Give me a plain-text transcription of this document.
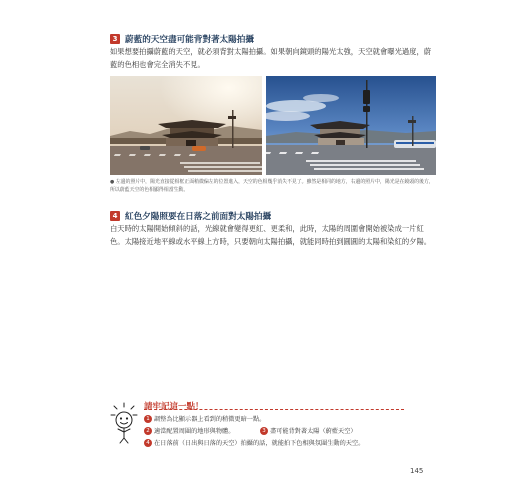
3 蔚藍的天空盡可能背對著太陽拍攝
如果想要拍攝蔚藍的天空，就必須背對太陽拍攝。如果朝向鏡頭的陽光太強，天空就會曝光過度，蔚藍的色相也會完全消失不見。
● 左邊的照片中，陽光直接從相框正面稍微偏左的位置進入，天空的色相幾乎消失不見了。雖然是相同的地方，右邊的照片中，陽光是在鏡頭的後方，所以蔚藍天空的色相顯得相當生動。
4 紅色夕陽照要在日落之前面對太陽拍攝
白天時的太陽開始傾斜的話，光線就會變得更紅、更柔和，此時，太陽的周圍會開始被染成一片紅色。太陽接近地平線或水平線上方時，只要朝向太陽拍攝，就能同時拍到圓圓的太陽和染紅的夕陽。
請牢記這一點！
1 調整為比顯示器上看到的稍微更暗一點。
2 適當配置周圍的地形與物體。	3 盡可能背對著太陽（蔚藍天空）
4 在日落前（日出與日落的天空）拍攝的話，就能拍下色相與氛圍生動的天空。
145
